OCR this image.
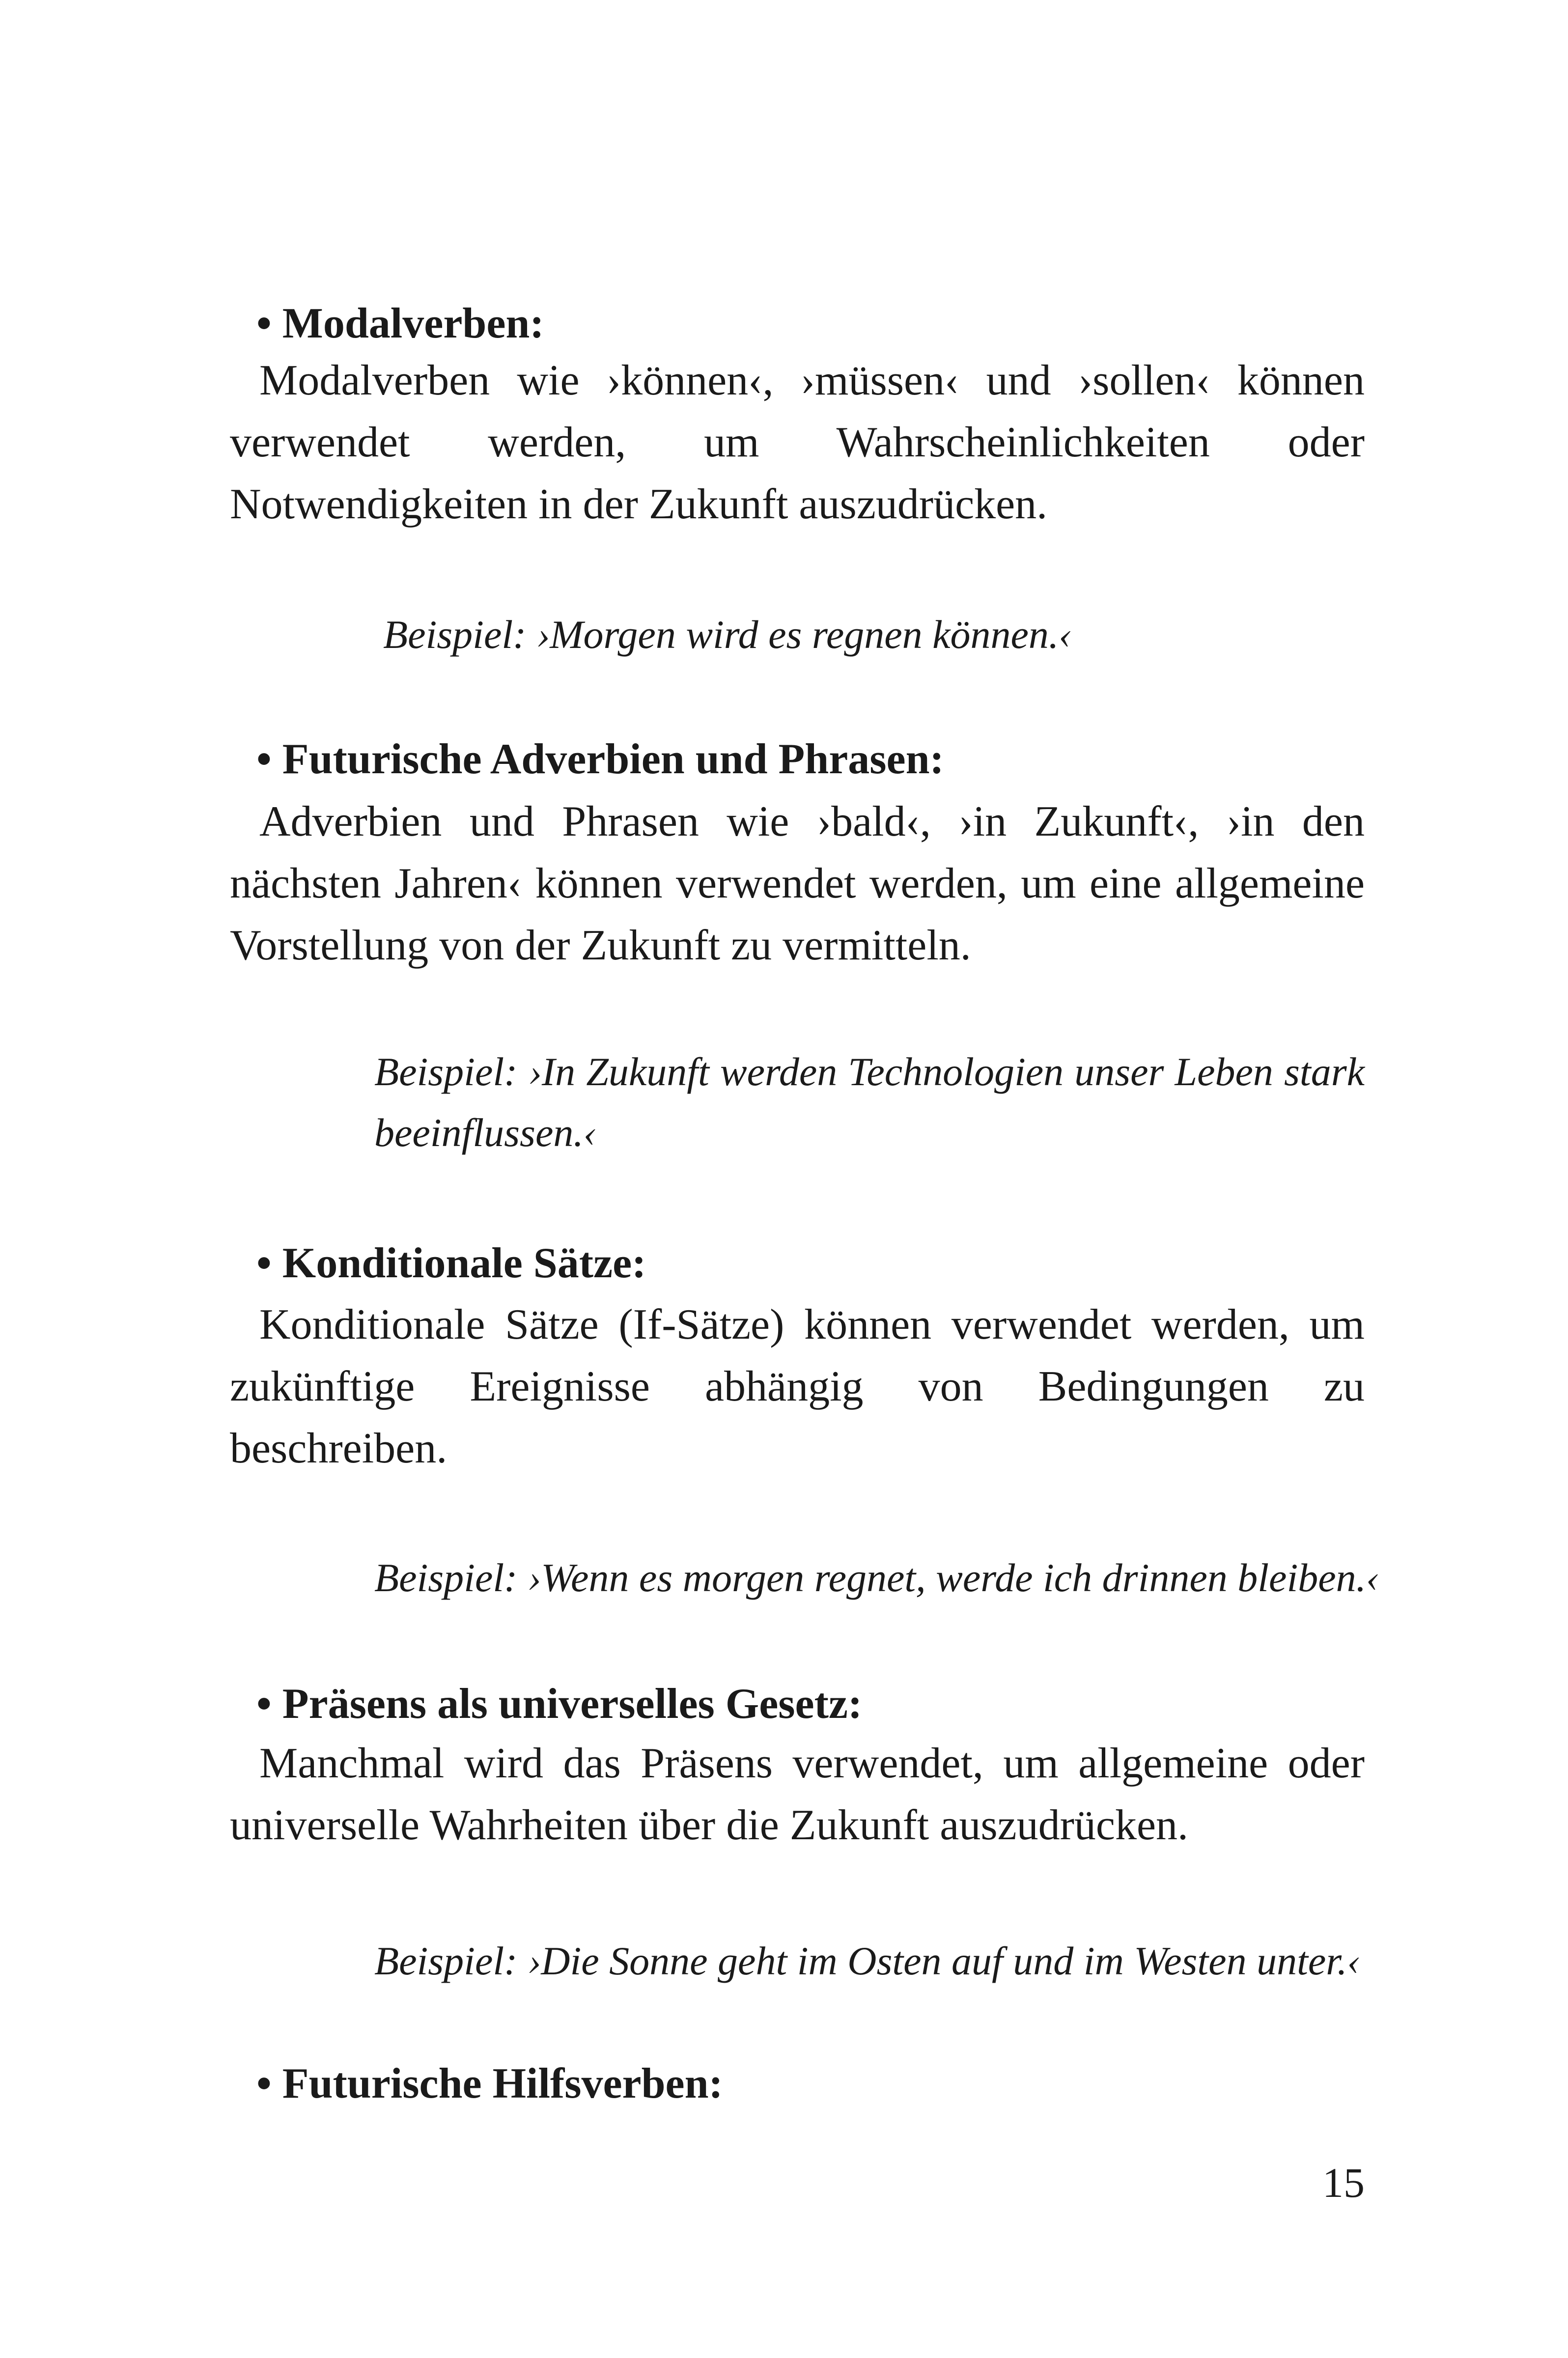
• Modalverben:

Modalverben wie ›können‹, ›müssen‹ und ›sollen‹ können verwendet werden, um Wahrscheinlichkeiten oder Notwendigkeiten in der Zukunft auszudrücken.

Beispiel: ›Morgen wird es regnen können.‹

• Futurische Adverbien und Phrasen:

Adverbien und Phrasen wie ›bald‹, ›in Zukunft‹, ›in den nächsten Jahren‹ können verwendet werden, um eine allgemeine Vorstellung von der Zukunft zu vermitteln.

Beispiel: ›In Zukunft werden Technologien unser Leben stark beeinflussen.‹

• Konditionale Sätze:

Konditionale Sätze (If-Sätze) können verwendet werden, um zukünftige Ereignisse abhängig von Bedingungen zu beschreiben.

Beispiel: ›Wenn es morgen regnet, werde ich drinnen bleiben.‹

• Präsens als universelles Gesetz:

Manchmal wird das Präsens verwendet, um allgemeine oder universelle Wahrheiten über die Zukunft auszudrücken.

Beispiel: ›Die Sonne geht im Osten auf und im Westen unter.‹

• Futurische Hilfsverben:

15
